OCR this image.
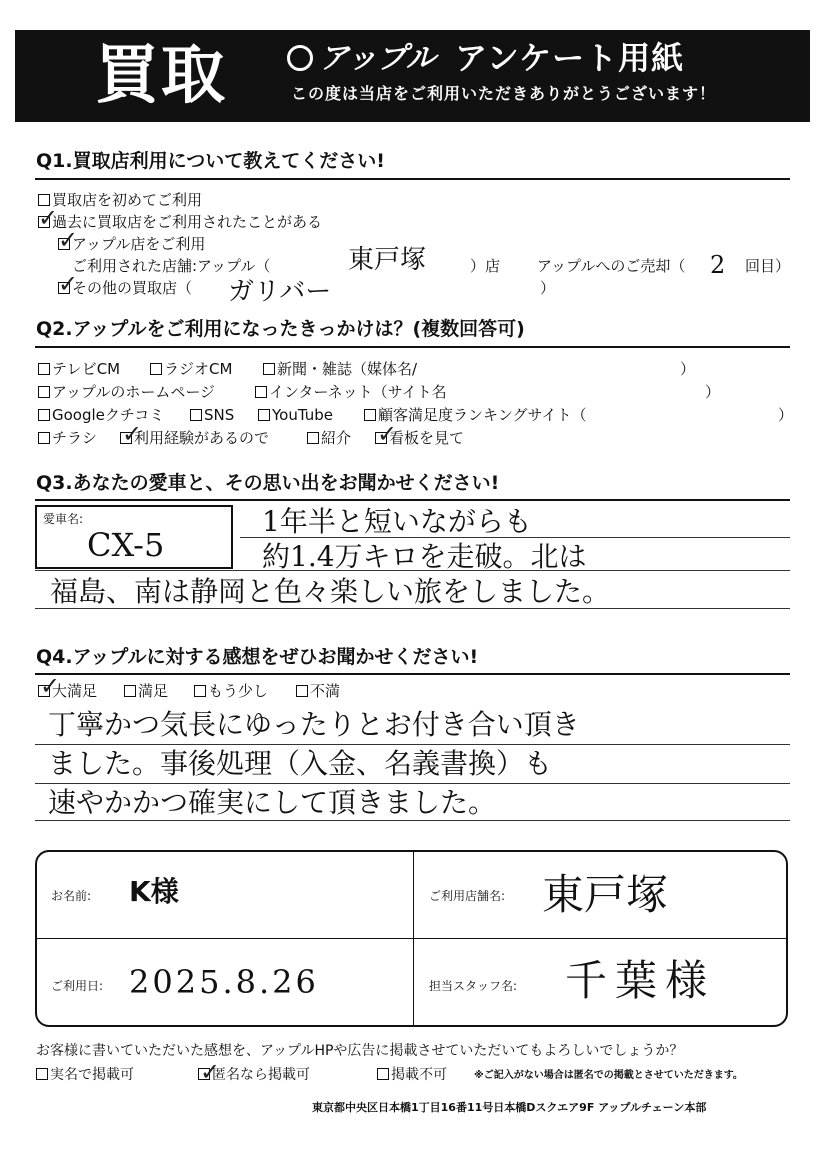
買取	アップル アンケート用紙
この度は当店をご利用いただきありがとうございます！
Q1.買取店利用について教えてください!
買取店を初めてご利用
過去に買取店をご利用されたことがある
✓
アップル店をご利用
✓
ご利用された店舗:アップル（	東戸塚	）店 アップルへのご売却（ 2 回目）
その他の買取店（
✓	ガリバー	）
Q2.アップルをご利用になったきっかけは？(複数回答可)
テレビCM	ラジオCM	新聞・雑誌（媒体名/	）
アップルのホームページ	インターネット（サイト名	）
Googleクチコミ	SNS	YouTube	顧客満足度ランキングサイト（	）
チラシ	利用経験があるので
✓	紹介	看板を見て
✓
Q3.あなたの愛車と、その思い出をお聞かせください!
愛車名:
CX-5
1年半と短いながらも
約1.4万キロを走破。北は
福島、南は静岡と色々楽しい旅をしました。
Q4.アップルに対する感想をぜひお聞かせください!
大満足
✓	満足	もう少し	不満
丁寧かつ気長にゆったりとお付き合い頂き
ました。事後処理（入金、名義書換）も
速やかかつ確実にして頂きました。
お名前: K様	ご利用店舗名: 東戸塚
ご利用日: 2025.8.26	担当スタッフ名: 千葉様
お客様に書いていただいた感想を、アップルHPや広告に掲載させていただいてもよろしいでしょうか？
実名で掲載可	匿名なら掲載可
✓	掲載不可	※ご記入がない場合は匿名での掲載とさせていただきます。
東京都中央区日本橋1丁目16番11号日本橋Dスクエア9F アップルチェーン本部
